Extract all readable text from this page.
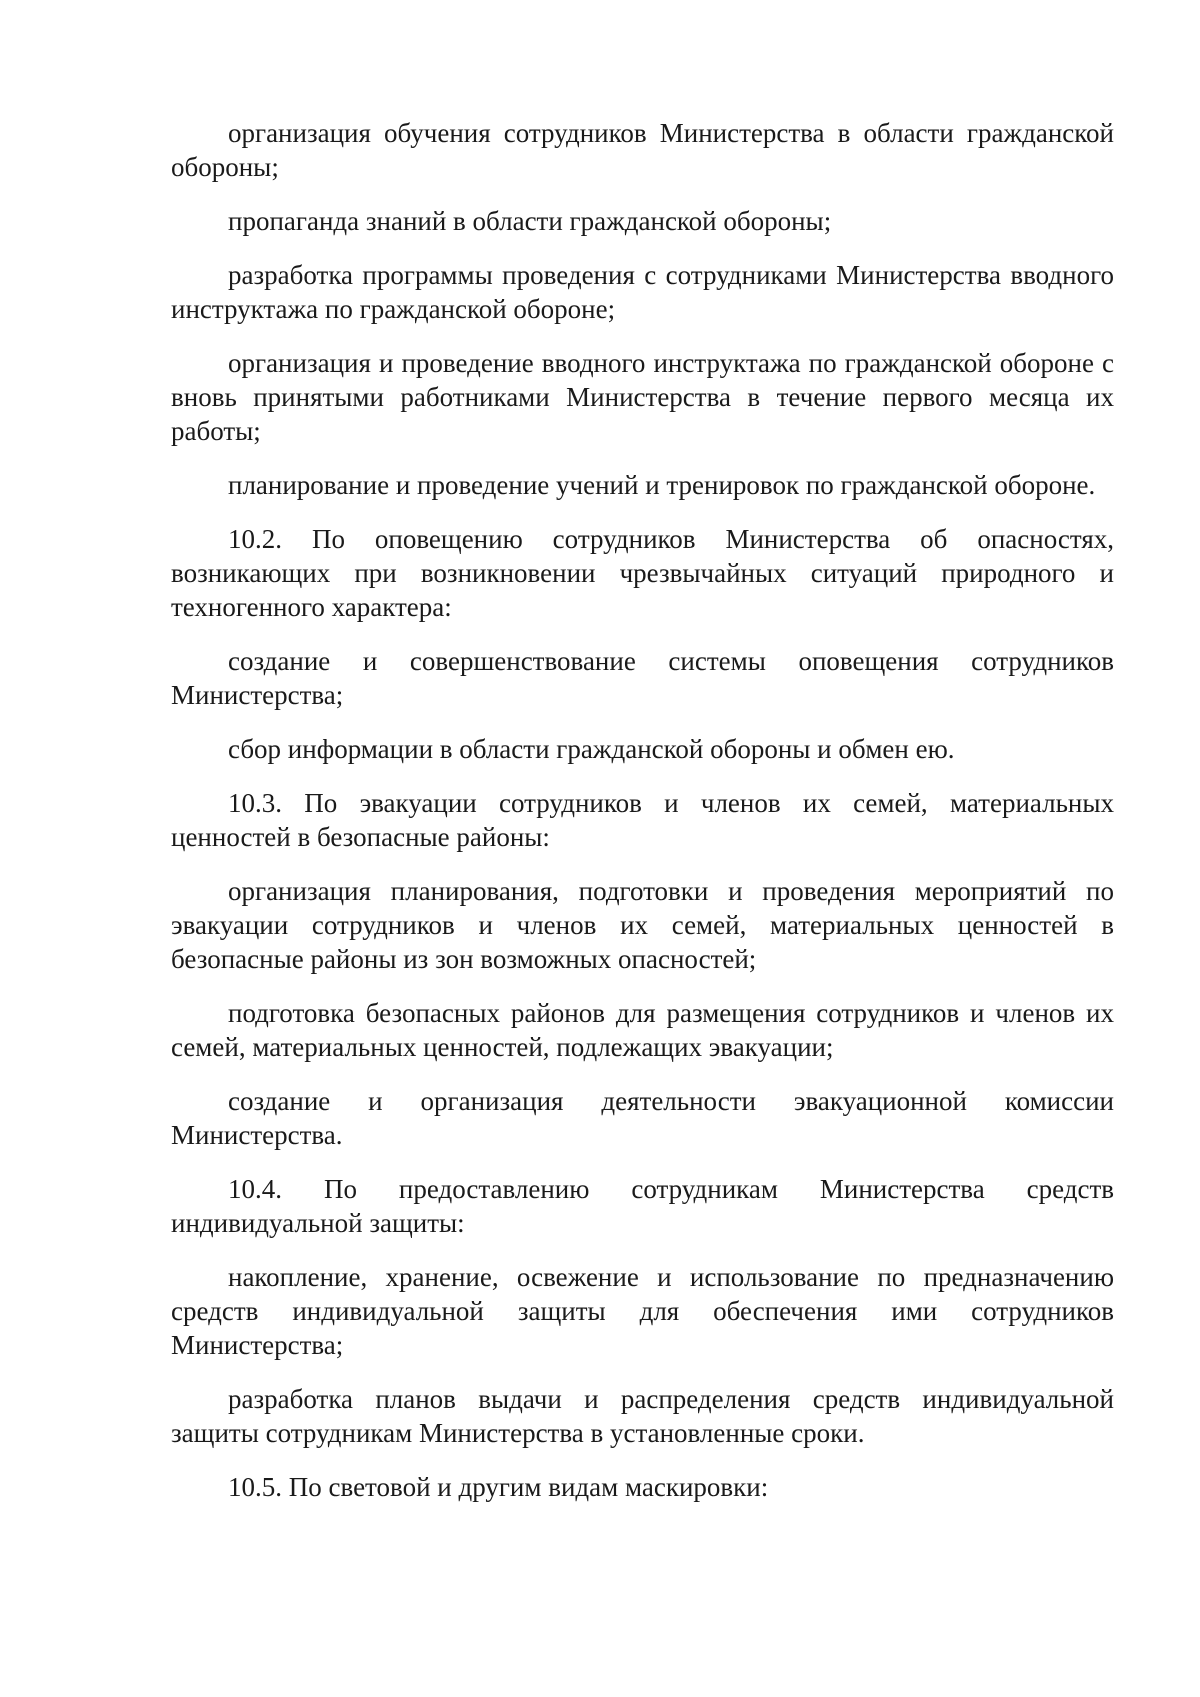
организация обучения сотрудников Министерства в области гражданской обороны;

пропаганда знаний в области гражданской обороны;

разработка программы проведения с сотрудниками Министерства вводного инструктажа по гражданской обороне;

организация и проведение вводного инструктажа по гражданской обороне с вновь принятыми работниками Министерства в течение первого месяца их работы;

планирование и проведение учений и тренировок по гражданской обороне.

10.2. По оповещению сотрудников Министерства об опасностях, возникающих при возникновении чрезвычайных ситуаций природного и техногенного характера:

создание и совершенствование системы оповещения сотрудников Министерства;

сбор информации в области гражданской обороны и обмен ею.

10.3. По эвакуации сотрудников и членов их семей, материальных ценностей в безопасные районы:

организация планирования, подготовки и проведения мероприятий по эвакуации сотрудников и членов их семей, материальных ценностей в безопасные районы из зон возможных опасностей;

подготовка безопасных районов для размещения сотрудников и членов их семей, материальных ценностей, подлежащих эвакуации;

создание и организация деятельности эвакуационной комиссии Министерства.

10.4. По предоставлению сотрудникам Министерства средств индивидуальной защиты:

накопление, хранение, освежение и использование по предназначению средств индивидуальной защиты для обеспечения ими сотрудников Министерства;

разработка планов выдачи и распределения средств индивидуальной защиты сотрудникам Министерства в установленные сроки.

10.5. По световой и другим видам маскировки:
